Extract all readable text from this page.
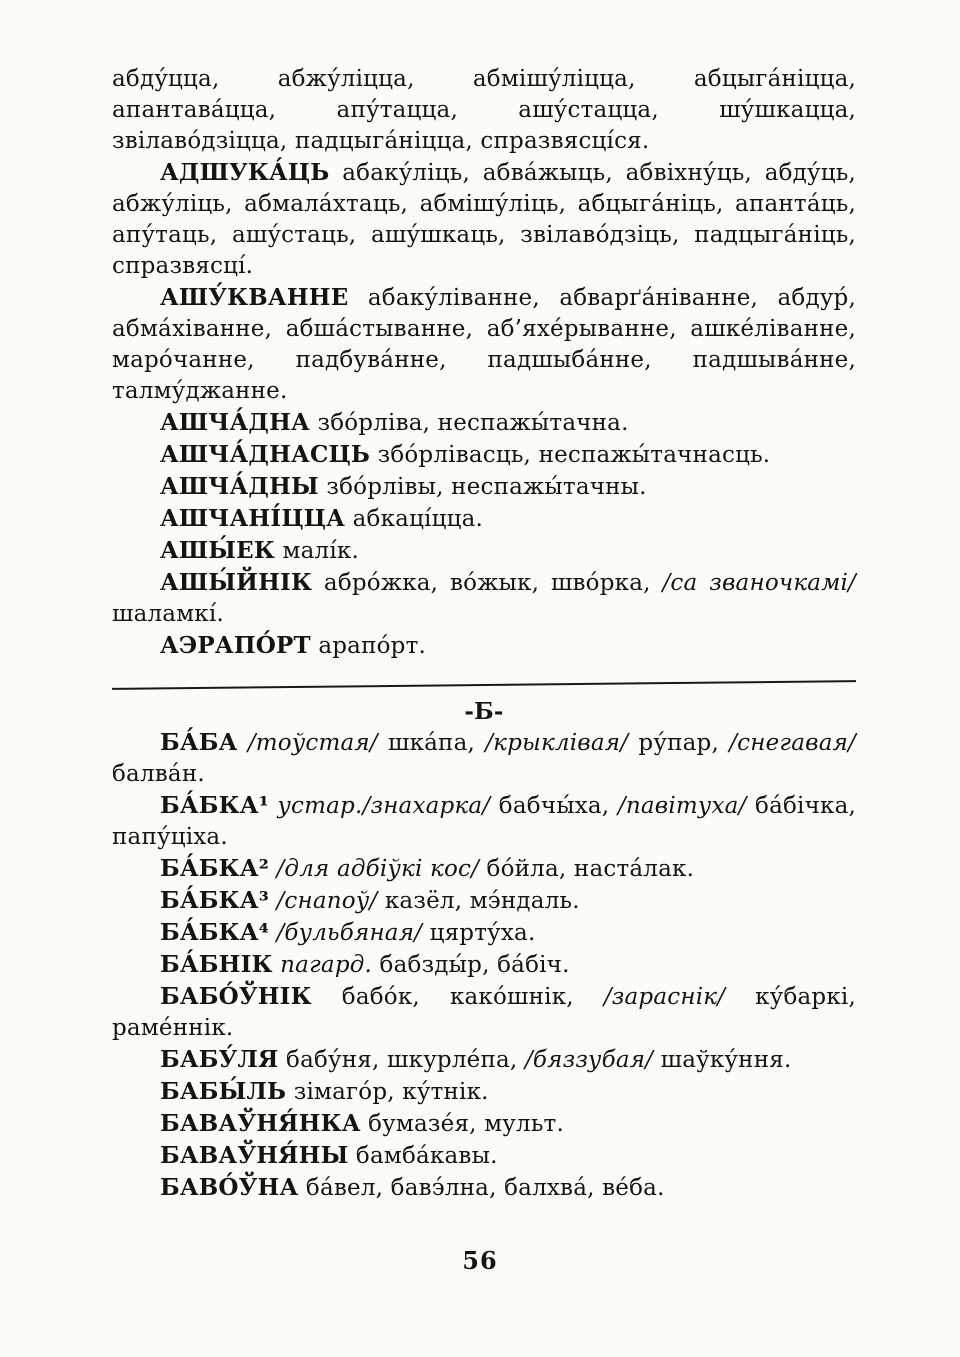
абду́цца, абжу́ліцца, абмішу́ліцца, абцыга́ніцца, апантава́цца, апу́тацца, ашу́стацца, шу́шкацца, звілаво́дзіцца, падцыга́ніцца, спразвясці́ся.

АДШУКА́ЦЬ абаку́ліць, абва́жыць, абвіхну́ць, абду́ць, абжу́ліць, абмала́хтаць, абмішу́ліць, абцыга́ніць, апанта́ць, апу́таць, ашу́стаць, ашу́шкаць, звілаво́дзіць, падцыга́ніць, спразвясці́.

АШУ́КВАННЕ абаку́ліванне, абварґа́ніванне, абдур́, абма́хіванне, абша́стыванне, аб’яхе́рыванне, ашке́ліванне, маро́чанне, падбува́нне, падшыба́нне, падшыва́нне, талму́джанне.

АШЧА́ДНА збо́рліва, неспажы́тачна.

АШЧА́ДНАСЦЬ збо́рлівасць, неспажы́тачнасць.

АШЧА́ДНЫ збо́рлівы, неспажы́тачны.

АШЧАНІ́ЦЦА абкаці́цца.

АШЫ́ЕК малі́к.

АШЫ́ЙНІК абро́жка, во́жык, шво́рка, /са званочкамі/ шаламкі́.

АЭРАПО́РТ арапо́рт.

-Б-

БА́БА /тоўстая/ шка́па, /крыклівая/ ру́пар, /снегавая/ балва́н.

БА́БКА¹ устар./знахарка/ бабчы́ха, /павітуха/ ба́бічка, папу́ціха.

БА́БКА² /для адбіўкі кос/ бо́йла, наста́лак.

БА́БКА³ /снапоў/ казёл, мэ́ндаль.

БА́БКА⁴ /бульбяная/ цярту́ха.

БА́БНІК пагард. бабзды́р, ба́біч.

БАБО́ЎНІК бабо́к, како́шнік, /зараснік/ ку́баркі, раме́ннік.

БАБУ́ЛЯ бабу́ня, шкурле́па, /бяззубая/ шаўку́ння.

БАБЫ́ЛЬ зімаго́р, ку́тнік.

БАВАЎНЯ́НКА бумазе́я, мульт.

БАВАЎНЯ́НЫ бамба́кавы.

БАВО́ЎНА ба́вел, бавэ́лна, балхва́, ве́ба.

56
